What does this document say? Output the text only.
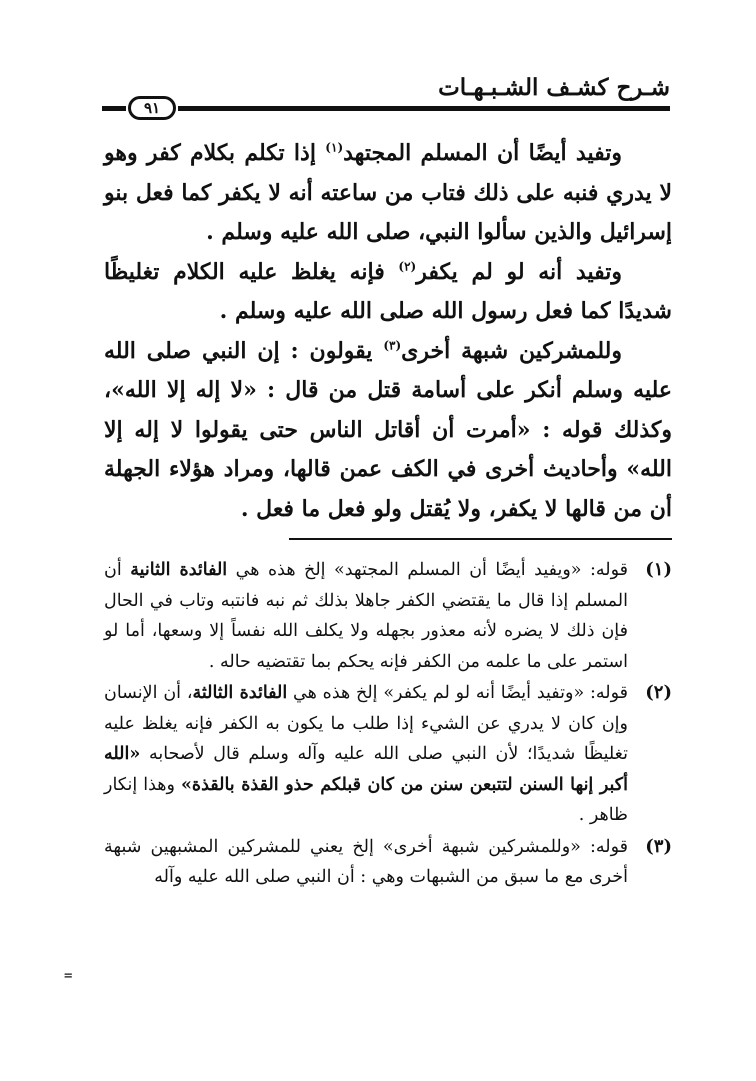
شـرح كشـف الشـبـهـات
٩١

وتفيد أيضًا أن المسلم المجتهد$^{(١)}$ إذا تكلم بكلام كفر وهو لا يدري فنبه على ذلك فتاب من ساعته أنه لا يكفر كما فعل بنو إسرائيل والذين سألوا النبي، صلى الله عليه وسلم .

وتفيد أنه لو لم يكفر$^{(٢)}$ فإنه يغلظ عليه الكلام تغليظًا شديدًا كما فعل رسول الله صلى الله عليه وسلم .

وللمشركين شبهة أخرى$^{(٣)}$ يقولون : إن النبي صلى الله عليه وسلم أنكر على أسامة قتل من قال : «لا إله إلا الله»، وكذلك قوله : «أمرت أن أقاتل الناس حتى يقولوا لا إله إلا الله» وأحاديث أخرى في الكف عمن قالها، ومراد هؤلاء الجهلة أن من قالها لا يكفر، ولا يُقتل ولو فعل ما فعل .

(١)
قوله: «ويفيد أيضًا أن المسلم المجتهد» إلخ هذه هي الفائدة الثانية أن المسلم إذا قال ما يقتضي الكفر جاهلا بذلك ثم نبه فانتبه وتاب في الحال فإن ذلك لا يضره لأنه معذور بجهله ولا يكلف الله نفساً إلا وسعها، أما لو استمر على ما علمه من الكفر فإنه يحكم بما تقتضيه حاله .
(٢)
قوله: «وتفيد أيضًا أنه لو لم يكفر» إلخ هذه هي الفائدة الثالثة، أن الإنسان وإن كان لا يدري عن الشيء إذا طلب ما يكون به الكفر فإنه يغلظ عليه تغليظًا شديدًا؛ لأن النبي صلى الله عليه وآله وسلم قال لأصحابه «الله أكبر إنها السنن لتتبعن سنن من كان قبلكم حذو القذة بالقذة» وهذا إنكار ظاهر .
(٣)
قوله: «وللمشركين شبهة أخرى» إلخ يعني للمشركين المشبهين شبهة أخرى مع ما سبق من الشبهات وهي : أن النبي صلى الله عليه وآله
=
